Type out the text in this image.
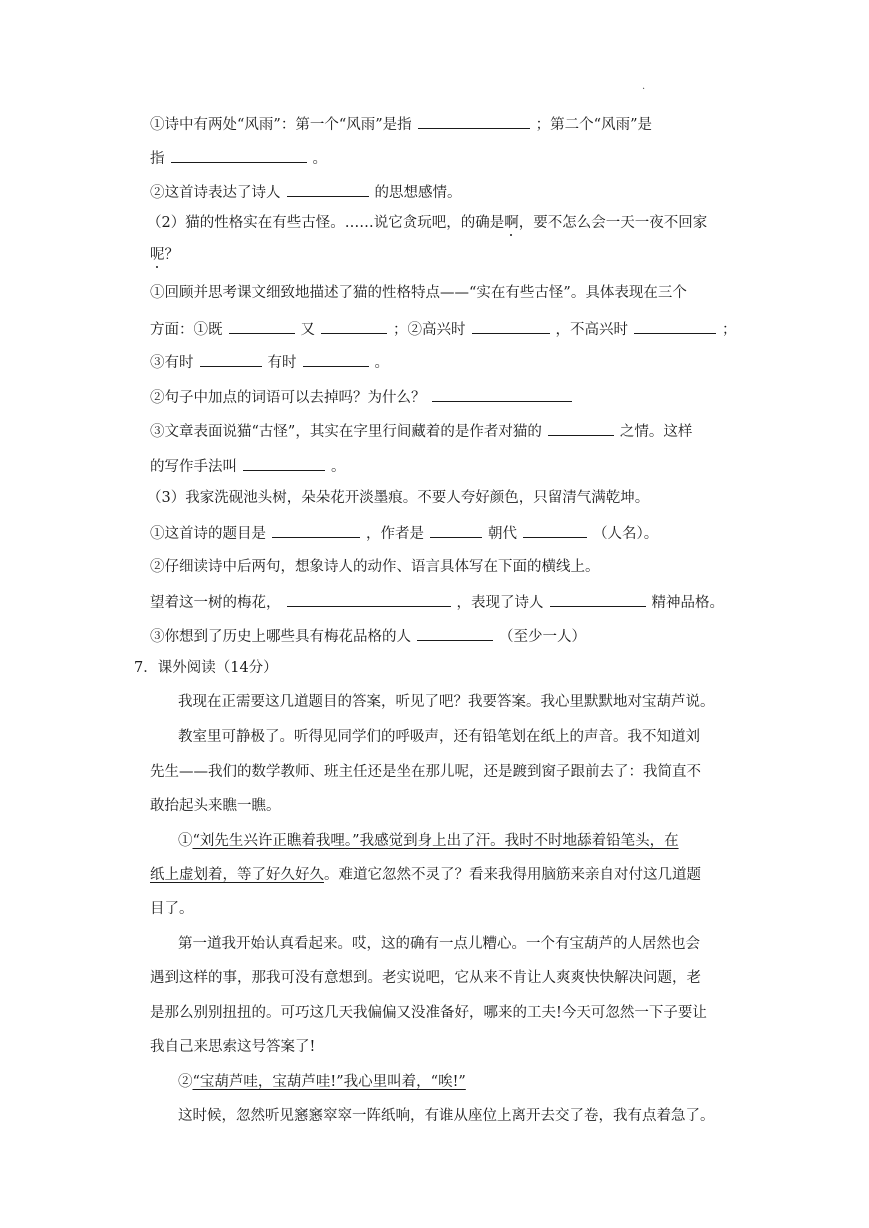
·
①诗中有两处“风雨”：第一个“风雨”是指	；第二个“风雨”是
指	。
②这首诗表达了诗人	的思想感情。
（2）猫的性格实在有些古怪。……说它贪玩吧，的确是啊，要不怎么会一天一夜不回家
呢？
①回顾并思考课文细致地描述了猫的性格特点——“实在有些古怪”。具体表现在三个
方面：①既	又	；②高兴时	，不高兴时	；
③有时	有时	。
②句子中加点的词语可以去掉吗？为什么？
③文章表面说猫“古怪”，其实在字里行间藏着的是作者对猫的	之情。这样
的写作手法叫	。
（3）我家洗砚池头树，朵朵花开淡墨痕。不要人夸好颜色，只留清气满乾坤。
①这首诗的题目是	，作者是	朝代	（人名）。
②仔细读诗中后两句，想象诗人的动作、语言具体写在下面的横线上。
望着这一树的梅花，	，表现了诗人	精神品格。
③你想到了历史上哪些具有梅花品格的人	（至少一人）
7．课外阅读（14分）
我现在正需要这几道题目的答案，听见了吧？我要答案。我心里默默地对宝葫芦说。
教室里可静极了。听得见同学们的呼吸声，还有铅笔划在纸上的声音。我不知道刘
先生——我们的数学教师、班主任还是坐在那儿呢，还是踱到窗子跟前去了：我简直不
敢抬起头来瞧一瞧。
①“刘先生兴许正瞧着我哩。”我感觉到身上出了汗。我时不时地舔着铅笔头，在
纸上虚划着，等了好久好久。难道它忽然不灵了？看来我得用脑筋来亲自对付这几道题
目了。
第一道我开始认真看起来。哎，这的确有一点儿糟心。一个有宝葫芦的人居然也会
遇到这样的事，那我可没有意想到。老实说吧，它从来不肯让人爽爽快快解决问题，老
是那么别别扭扭的。可巧这几天我偏偏又没准备好，哪来的工夫!今天可忽然一下子要让
我自己来思索这号答案了!
②“宝葫芦哇，宝葫芦哇!”我心里叫着，“唉!”
这时候，忽然听见窸窸窣窣一阵纸响，有谁从座位上离开去交了卷，我有点着急了。
